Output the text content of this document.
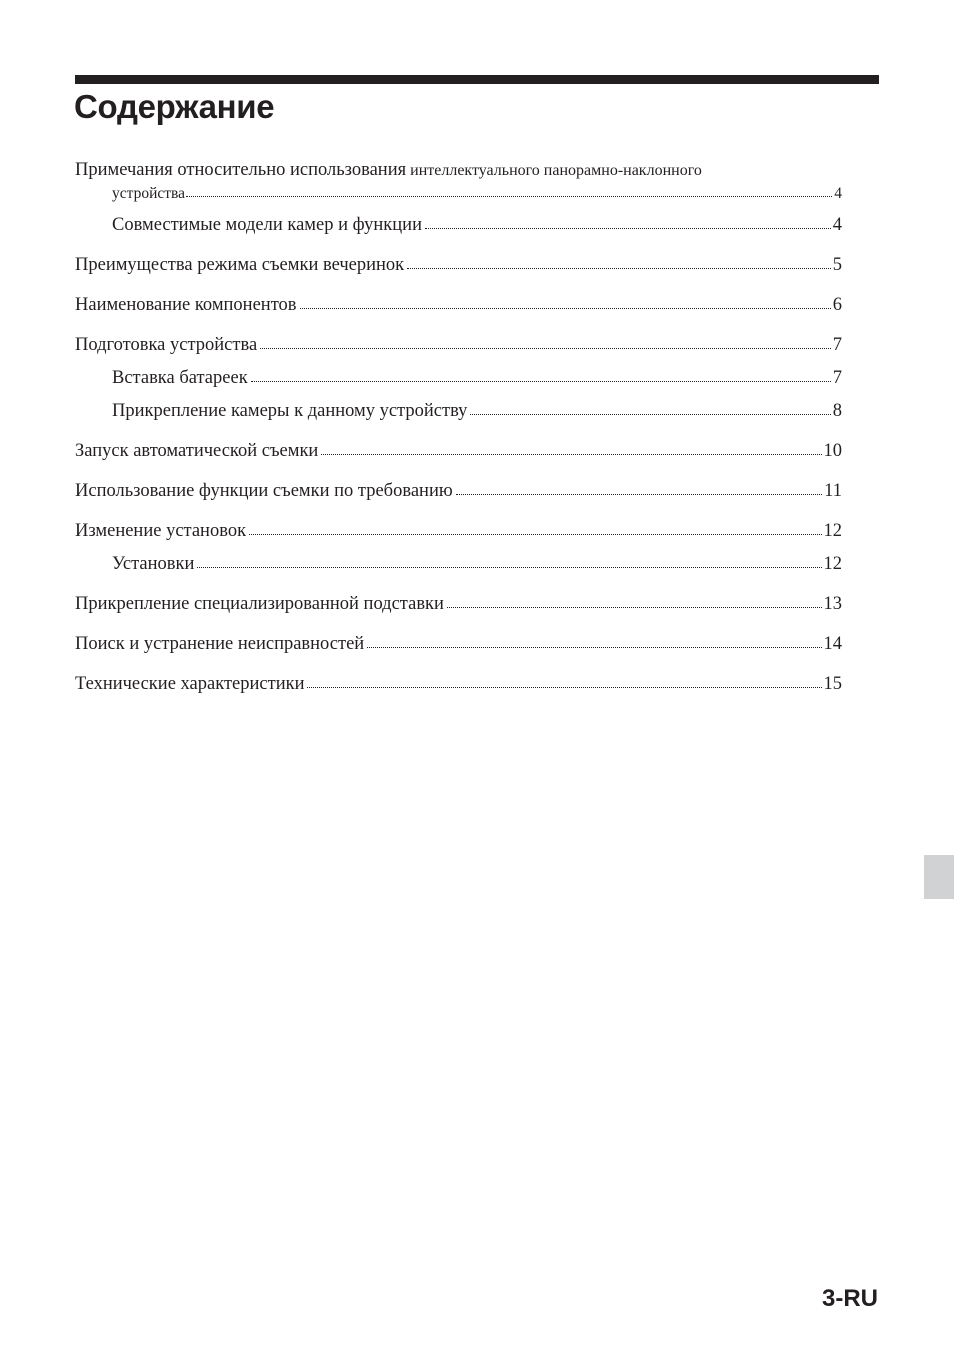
Содержание
Примечания относительно использования интеллектуального панорамно-наклонного
устройства	4
Совместимые модели камер и функции	4
Преимущества режима съемки вечеринок	5
Наименование компонентов	6
Подготовка устройства	7
Вставка батареек	7
Прикрепление камеры к данному устройству	8
Запуск автоматической съемки	10
Использование функции съемки по требованию	11
Изменение установок	12
Установки	12
Прикрепление специализированной подставки	13
Поиск и устранение неисправностей	14
Технические характеристики	15
3-RU
